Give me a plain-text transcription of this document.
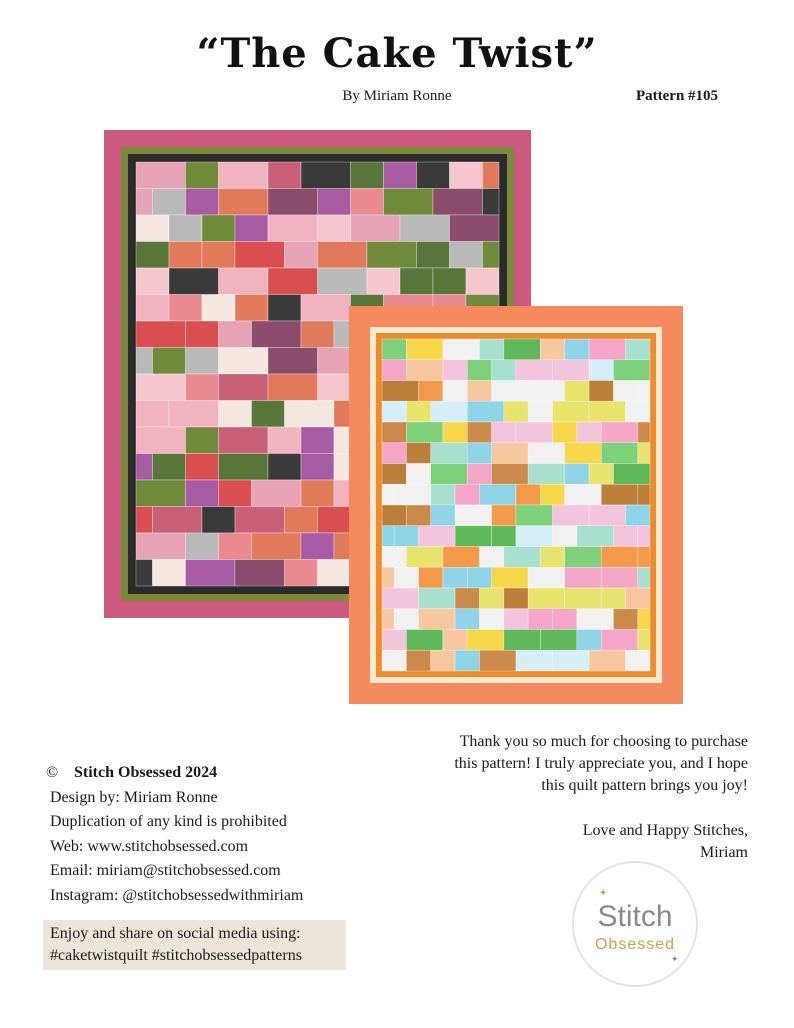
“The Cake Twist”
By Miriam Ronne	Pattern #105
Thank you so much for choosing to purchase
this pattern! I truly appreciate you, and I hope
this quilt pattern brings you joy!
Love and Happy Stitches,
Miriam
© Stitch Obsessed 2024
Design by: Miriam Ronne
Duplication of any kind is prohibited
Web: www.stitchobsessed.com
Email: miriam@stitchobsessed.com
Instagram: @stitchobsessedwithmiriam
Enjoy and share on social media using:
#caketwistquilt #stitchobsessedpatterns
Stitch
Obsessed
✦
✦
